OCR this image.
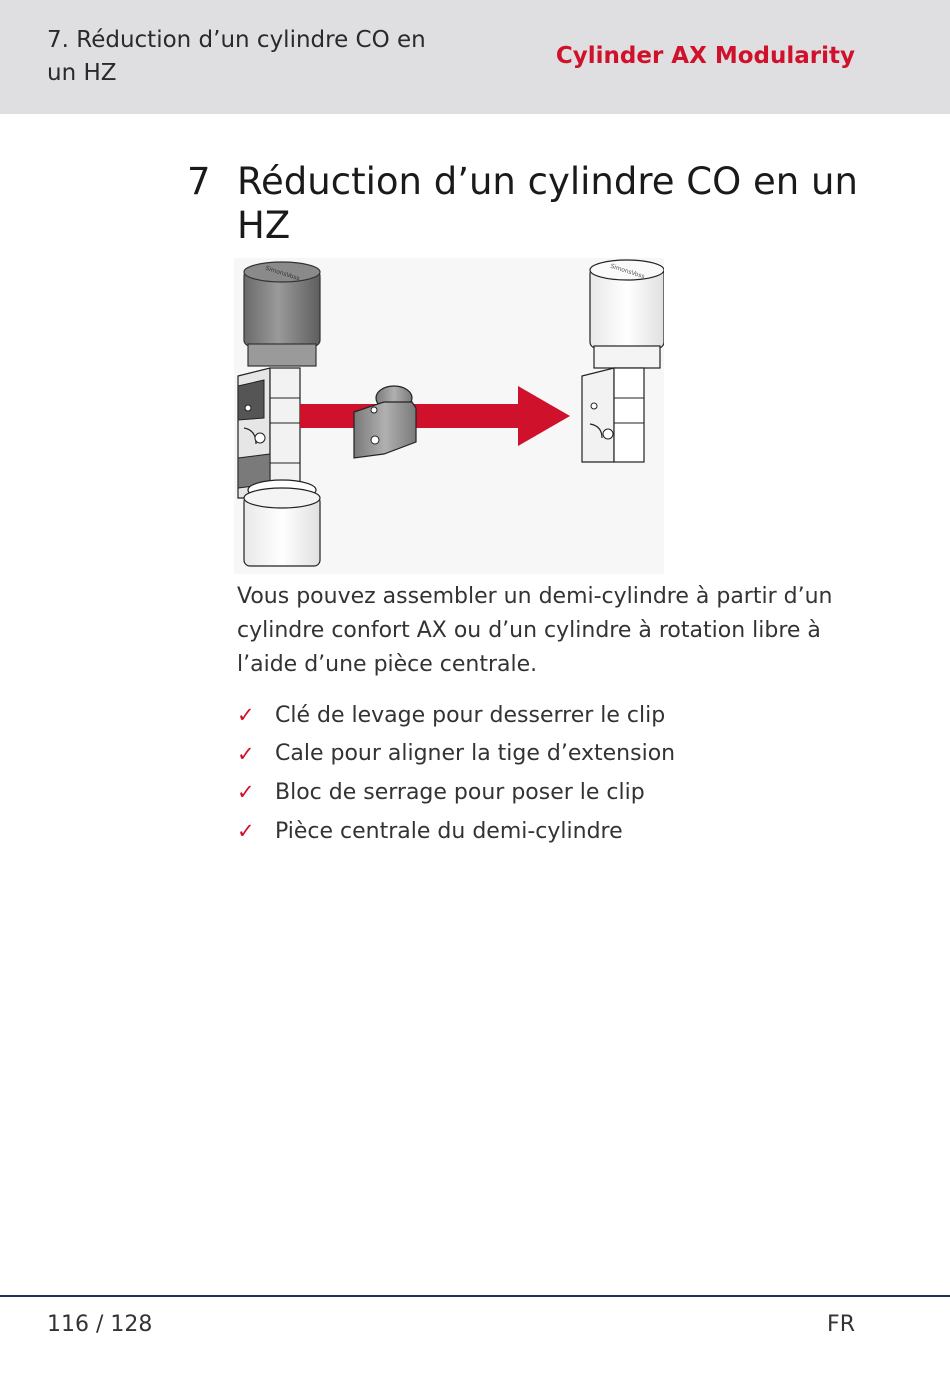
7. Réduction d’un cylindre CO en un HZ
Cylinder AX Modularity
7 Réduction d’un cylindre CO en un HZ
SimonsVoss	SimonsVoss

Vous pouvez assembler un demi-cylindre à partir d’un cylindre confort AX ou d’un cylindre à rotation libre à l’aide d’une pièce centrale.

✓ Clé de levage pour desserrer le clip
✓ Cale pour aligner la tige d’extension
✓ Bloc de serrage pour poser le clip
✓ Pièce centrale du demi-cylindre
116 / 128	FR
